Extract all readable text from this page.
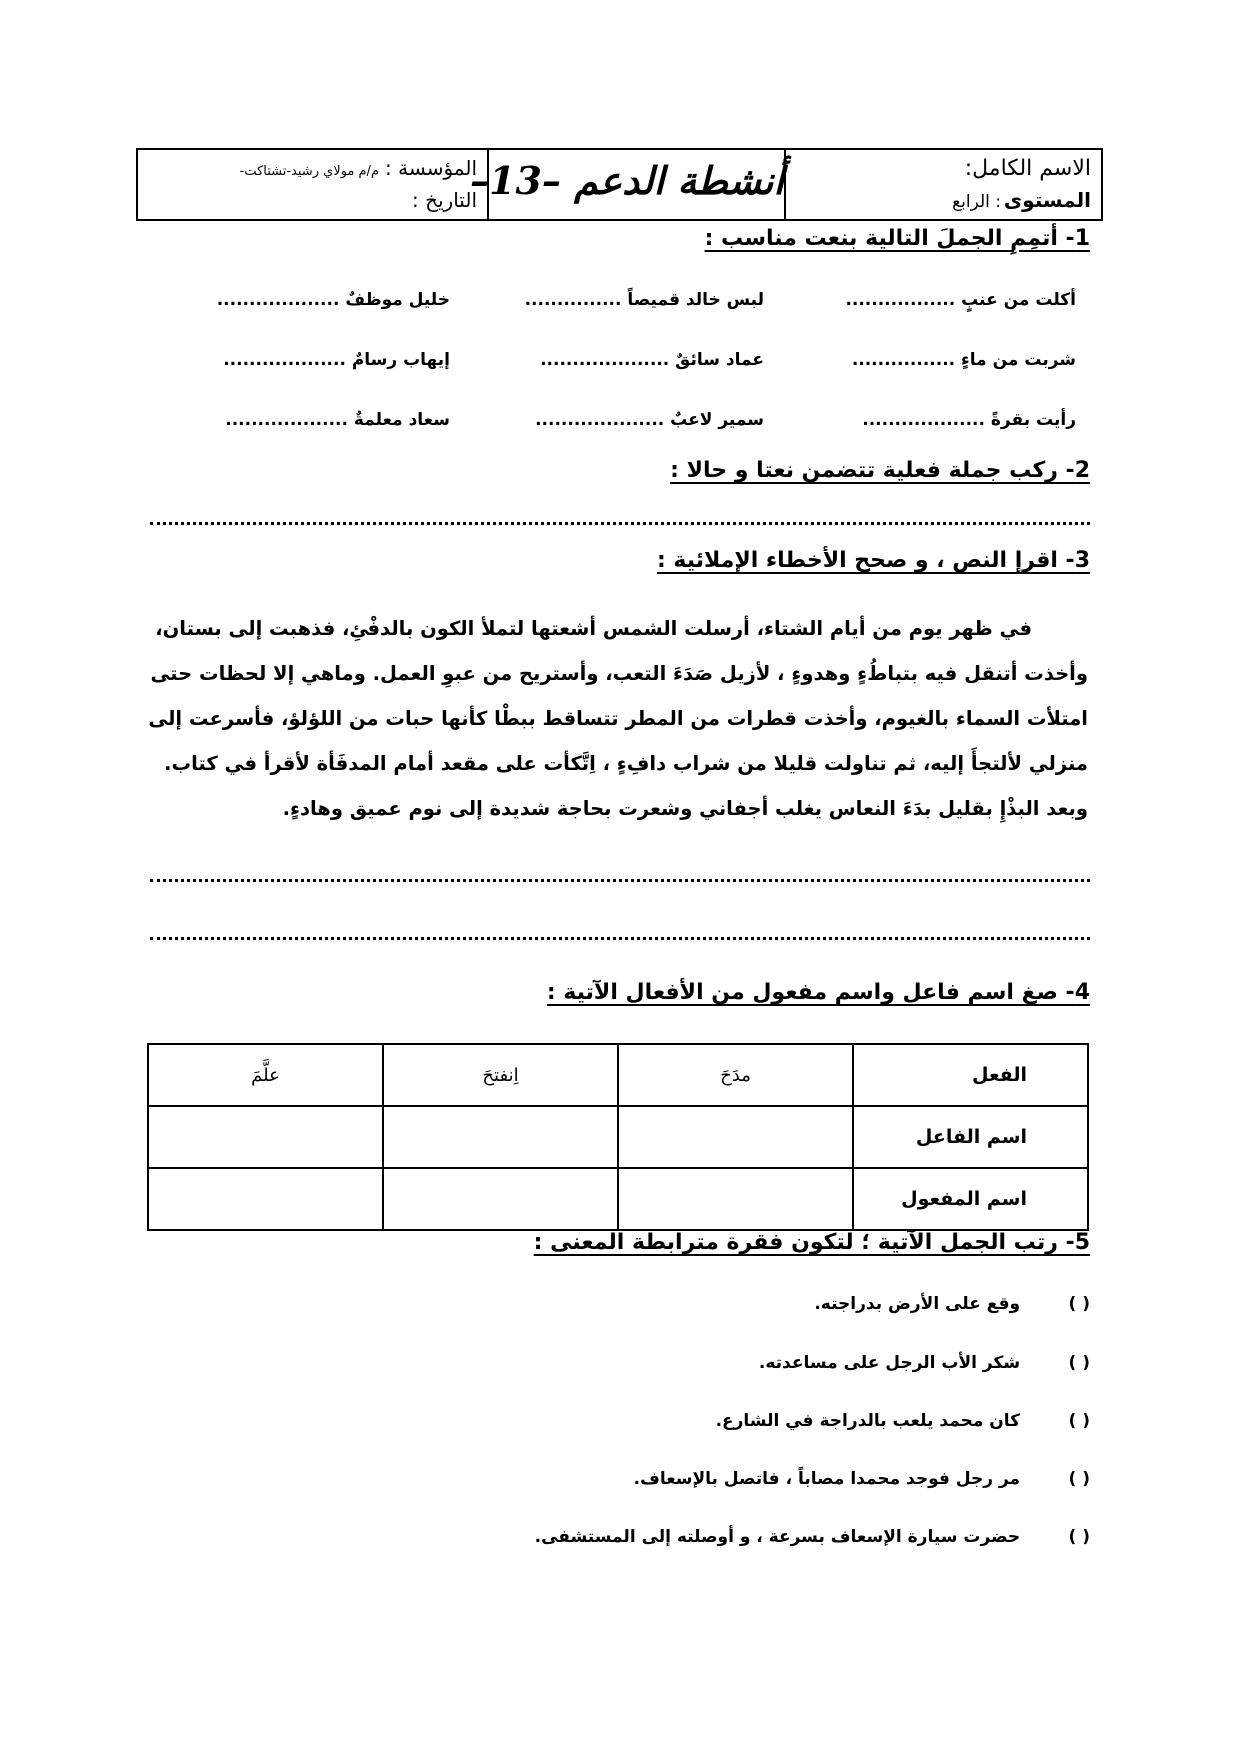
الاسم الكامل:
المستوى
: الرابع
أنشطة الدعم –13–
المؤسسة :
م/م مولاي رشيد-تشتاكت-
التاريخ :
1- أتمِمِ الجملَ التالية بنعت مناسب :
أكلت من عنبٍ .................
لبس خالد قميصاً ...............
خليل موظفٌ ...................
شربت من ماءٍ ................
عماد سائقٌ ....................
إيهاب رسامٌ ...................
رأيت بقرةً ...................
سمير لاعبٌ ....................
سعاد معلمةٌ ...................
2- ركب جملة فعلية تتضمن نعتا و حالا :
3- اقرإ النص ، و صحح الأخطاء الإملائية :

في ظهر يوم من أيام الشتاء، أرسلت الشمس أشعتها لتملأ الكون بالدفْئِ، فذهبت إلى بستان،

وأخذت أتنقل فيه بتباطُءٍ وهدوءٍ ، لأزيل صَدَءَ التعب، وأستريح من عبوِ العمل. وماهي إلا لحظات حتى

امتلأت السماء بالغيوم، وأخذت قطرات من المطر تتساقط ببطْا كأنها حبات من اللؤلؤ، فأسرعت إلى

منزلي لألتجأَ إليه، ثم تناولت قليلا من شراب دافِءٍ ، اِتَّكأت على مقعد أمام المدفَأة لأقرأ في كتاب.

وبعد البذْإِ بقليل بدَءَ النعاس يغلب أجفاني وشعرت بحاجة شديدة إلى نوم عميق وهادءٍ.

4- صغ اسم فاعل واسم مفعول من الأفعال الآتية :
الفعل	مدَحَ	اِنفتحَ	علَّمَ
اسم الفاعل			
اسم المفعول			
5- رتب الجمل الآتية ؛ لتكون فقرة مترابطة المعنى :
( ) وقع على الأرض بدراجته.
( ) شكر الأب الرجل على مساعدته.
( ) كان محمد يلعب بالدراجة في الشارع.
( ) مر رجل فوجد محمدا مصاباً ، فاتصل بالإسعاف.
( ) حضرت سيارة الإسعاف بسرعة ، و أوصلته إلى المستشفى.
